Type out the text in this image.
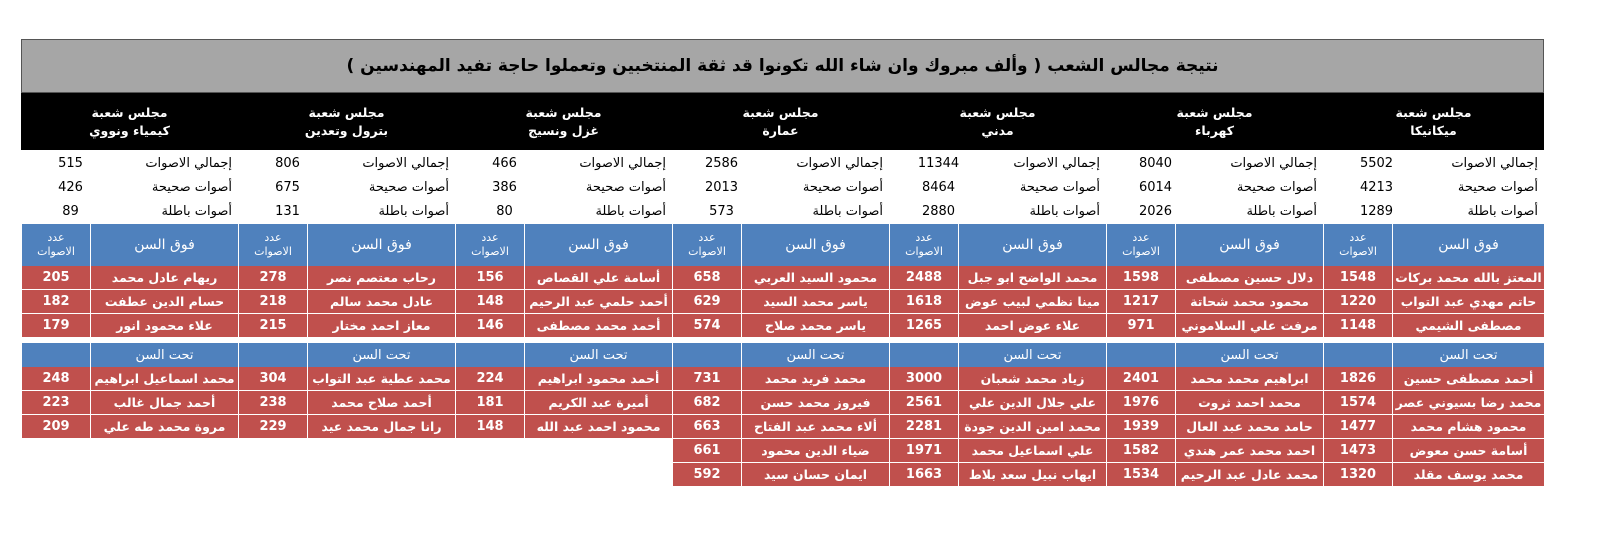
نتيجة مجالس الشعب ( وألف مبروك وان شاء الله تكونوا قد ثقة المنتخبين وتعملوا حاجة تفيد المهندسين )
مجلس شعبة
ميكانيكا
مجلس شعبة
كهرباء
مجلس شعبة
مدني
مجلس شعبة
عمارة
مجلس شعبة
غزل ونسيج
مجلس شعبة
بترول وتعدين
مجلس شعبة
كيمياء ونووي
إجمالي الاصوات
5502
أصوات صحيحة
4213
أصوات باطلة
1289
إجمالي الاصوات
8040
أصوات صحيحة
6014
أصوات باطلة
2026
إجمالي الاصوات
11344
أصوات صحيحة
8464
أصوات باطلة
2880
إجمالي الاصوات
2586
أصوات صحيحة
2013
أصوات باطلة
573
إجمالي الاصوات
466
أصوات صحيحة
386
أصوات باطلة
80
إجمالي الاصوات
806
أصوات صحيحة
675
أصوات باطلة
131
إجمالي الاصوات
515
أصوات صحيحة
426
أصوات باطلة
89
فوق السن
عدد
الاصوات
المعتز بالله محمد بركات
1548
حاتم مهدي عبد التواب
1220
مصطفى الشيمي
1148
تحت السن
أحمد مصطفى حسين
1826
محمد رضا بسيوني عصر
1574
محمود هشام محمد
1477
أسامة حسن معوض
1473
محمد يوسف مقلد
1320
فوق السن
عدد
الاصوات
دلال حسين مصطفى
1598
محمود محمد شحاتة
1217
مرفت علي السلاموني
971
تحت السن
ابراهيم محمد محمد
2401
محمد احمد ثروت
1976
حامد محمد عبد العال
1939
احمد محمد عمر هندي
1582
محمد عادل عبد الرحيم
1534
فوق السن
عدد
الاصوات
محمد الواضح ابو جبل
2488
مينا نظمي لبيب عوض
1618
علاء عوض احمد
1265
تحت السن
زياد محمد شعبان
3000
علي جلال الدين علي
2561
محمد امين الدين جودة
2281
علي اسماعيل محمد
1971
ايهاب نبيل سعد بلاط
1663
فوق السن
عدد
الاصوات
محمود السيد العربي
658
ياسر محمد السيد
629
ياسر محمد صلاح
574
تحت السن
محمد فريد محمد
731
فيروز محمد حسن
682
ألاء محمد عبد الفتاح
663
ضياء الدين محمود
661
ايمان حسان سيد
592
فوق السن
عدد
الاصوات
أسامة علي القصاص
156
أحمد حلمي عبد الرحيم
148
أحمد محمد مصطفى
146
تحت السن
أحمد محمود ابراهيم
224
أميرة عبد الكريم
181
محمود احمد عبد الله
148
فوق السن
عدد
الاصوات
رحاب معتصم نصر
278
عادل محمد سالم
218
معاز احمد مختار
215
تحت السن
محمد عطية عبد التواب
304
أحمد صلاح محمد
238
رانا جمال محمد عيد
229
فوق السن
عدد
الاصوات
ريهام عادل محمد
205
حسام الدين عطفت
182
علاء محمود انور
179
تحت السن
محمد اسماعيل ابراهيم
248
أحمد جمال غالب
223
مروة محمد طه علي
209
